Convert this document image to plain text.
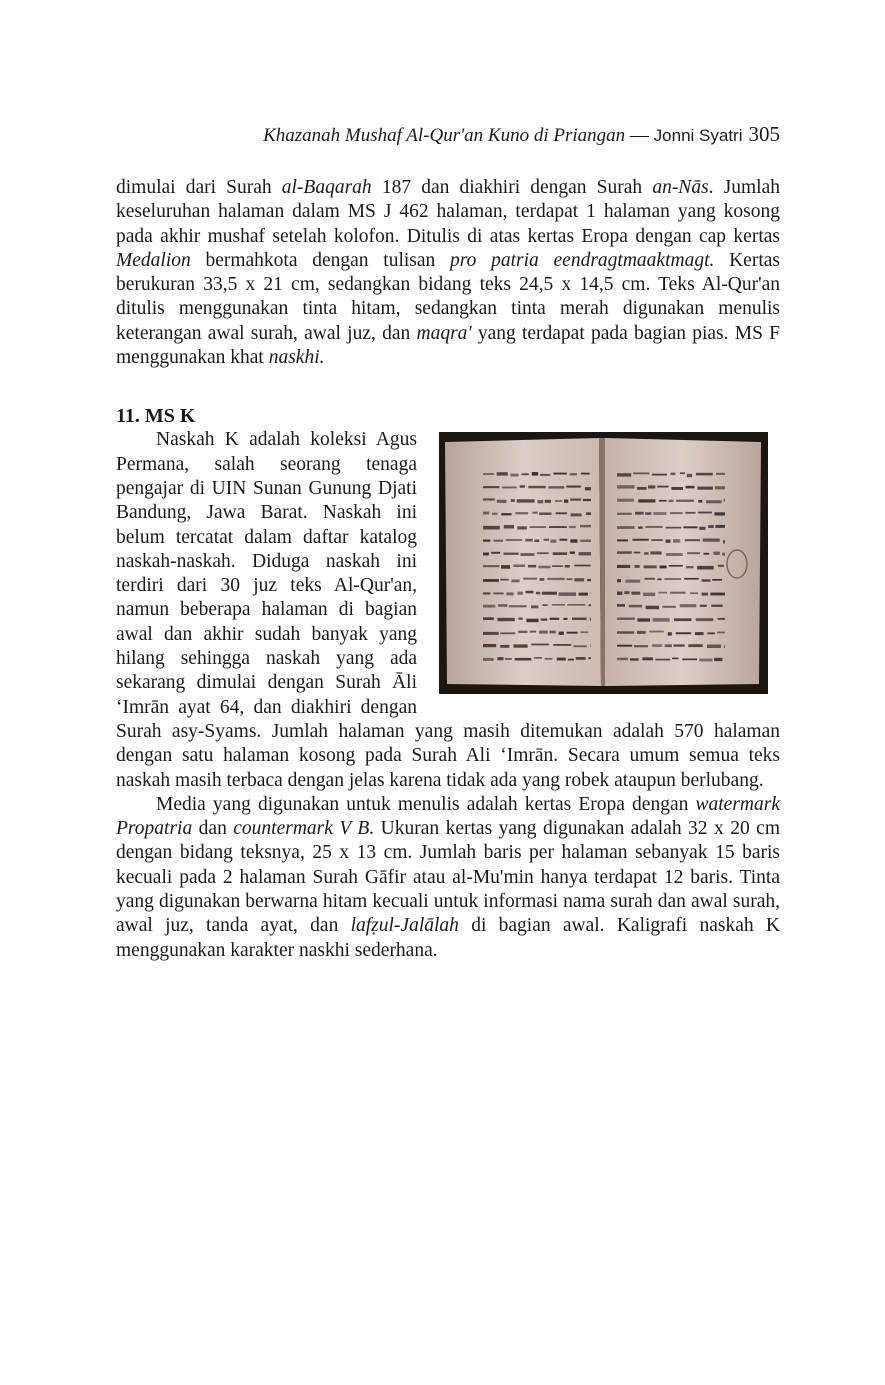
Khazanah Mushaf Al-Qur'an Kuno di Priangan — Jonni Syatri 305

dimulai dari Surah al-Baqarah 187 dan diakhiri dengan Surah an-Nās. Jumlah keseluruhan halaman dalam MS J 462 halaman, terdapat 1 halaman yang kosong pada akhir mushaf setelah kolofon. Ditulis di atas kertas Eropa dengan cap kertas Medalion bermahkota dengan tulisan pro patria eendragtmaaktmagt. Kertas berukuran 33,5 x 21 cm, sedangkan bidang teks 24,5 x 14,5 cm. Teks Al-Qur'an ditulis menggunakan tinta hitam, sedangkan tinta merah digunakan menulis keterangan awal surah, awal juz, dan maqra' yang terdapat pada bagian pias. MS F menggunakan khat naskhi.

11. MS K

Naskah K adalah koleksi Agus Permana, salah seorang tenaga pengajar di UIN Sunan Gunung Djati Bandung, Jawa Barat. Naskah ini belum tercatat dalam daftar katalog naskah-naskah. Diduga naskah ini terdiri dari 30 juz teks Al-Qur'an, namun beberapa halaman di bagian awal dan akhir sudah banyak yang hilang sehingga naskah yang ada sekarang dimulai dengan Surah Āli ‘Imrān ayat 64, dan diakhiri dengan Surah asy-Syams. Jumlah halaman yang masih ditemukan adalah 570 halaman dengan satu halaman kosong pada Surah Ali ‘Imrān. Secara umum semua teks naskah masih terbaca dengan jelas karena tidak ada yang robek ataupun berlubang.

Media yang digunakan untuk menulis adalah kertas Eropa dengan watermark Propatria dan countermark V B. Ukuran kertas yang digunakan adalah 32 x 20 cm dengan bidang teksnya, 25 x 13 cm. Jumlah baris per halaman sebanyak 15 baris kecuali pada 2 halaman Surah Gāfir atau al-Mu'min hanya terdapat 12 baris. Tinta yang digunakan berwarna hitam kecuali untuk informasi nama surah dan awal surah, awal juz, tanda ayat, dan lafẓul-Jalālah di bagian awal. Kaligrafi naskah K menggunakan karakter naskhi sederhana.
